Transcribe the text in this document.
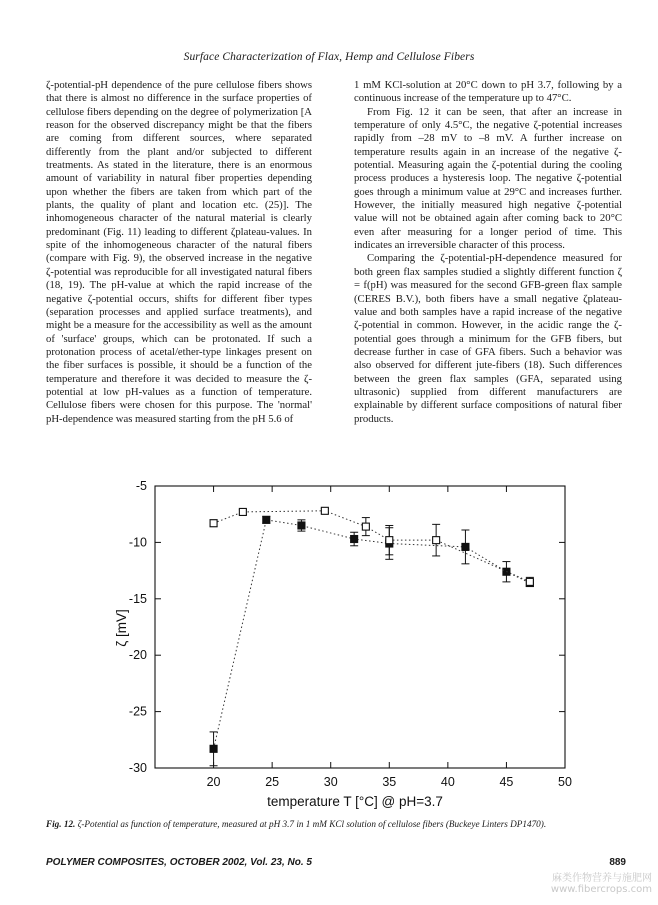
Surface Characterization of Flax, Hemp and Cellulose Fibers

ζ-potential-pH dependence of the pure cellulose fibers shows that there is almost no difference in the surface properties of cellulose fibers depending on the degree of polymerization [A reason for the observed discrepancy might be that the fibers are coming from different sources, where separated differently from the plant and/or subjected to different treatments. As stated in the literature, there is an enormous amount of variability in natural fiber properties depending upon whether the fibers are taken from which part of the plants, the quality of plant and location etc. (25)]. The inhomogeneous character of the natural material is clearly predominant (Fig. 11) leading to different ζplateau-values. In spite of the inhomogeneous character of the natural fibers (compare with Fig. 9), the observed increase in the negative ζ-potential was reproducible for all investigated natural fibers (18, 19). The pH-value at which the rapid increase of the negative ζ-potential occurs, shifts for different fiber types (separation processes and applied surface treatments), and might be a measure for the accessibility as well as the amount of 'surface' groups, which can be protonated. If such a protonation process of acetal/ether-type linkages present on the fiber surfaces is possible, it should be a function of the temperature and therefore it was decided to measure the ζ-potential at low pH-values as a function of temperature. Cellulose fibers were chosen for this purpose. The 'normal' pH-dependence was measured starting from the pH 5.6 of

1 mM KCl-solution at 20°C down to pH 3.7, following by a continuous increase of the temperature up to 47°C.

From Fig. 12 it can be seen, that after an increase in temperature of only 4.5°C, the negative ζ-potential increases rapidly from –28 mV to –8 mV. A further increase on temperature results again in an increase of the negative ζ-potential. Measuring again the ζ-potential during the cooling process produces a hysteresis loop. The negative ζ-potential goes through a minimum value at 29°C and increases further. However, the initially measured high negative ζ-potential value will not be obtained again after coming back to 20°C even after measuring for a longer period of time. This indicates an irreversible character of this process.

Comparing the ζ-potential-pH-dependence measured for both green flax samples studied a slightly different function ζ = f(pH) was measured for the second GFB-green flax sample (CERES B.V.), both fibers have a small negative ζplateau-value and both samples have a rapid increase of the negative ζ-potential in common. However, in the acidic range the ζ-potential goes through a minimum for the GFB fibers, but decrease further in case of GFA fibers. Such a behavior was also observed for different jute-fibers (18). Such differences between the green flax samples (GFA, separated using ultrasonic) supplied from different manufacturers are explainable by different surface compositions of natural fiber products.

20	25	30	35	40	45	50
-5
-10
-15
-20
-25
-30
temperature T [°C] @ pH=3.7
ζ [mV]
Fig. 12. ζ-Potential as function of temperature, measured at pH 3.7 in 1 mM KCl solution of cellulose fibers (Buckeye Linters DP1470).
POLYMER COMPOSITES, OCTOBER 2002, Vol. 23, No. 5	889
麻类作物营养与施肥网
www.fibercrops.com
